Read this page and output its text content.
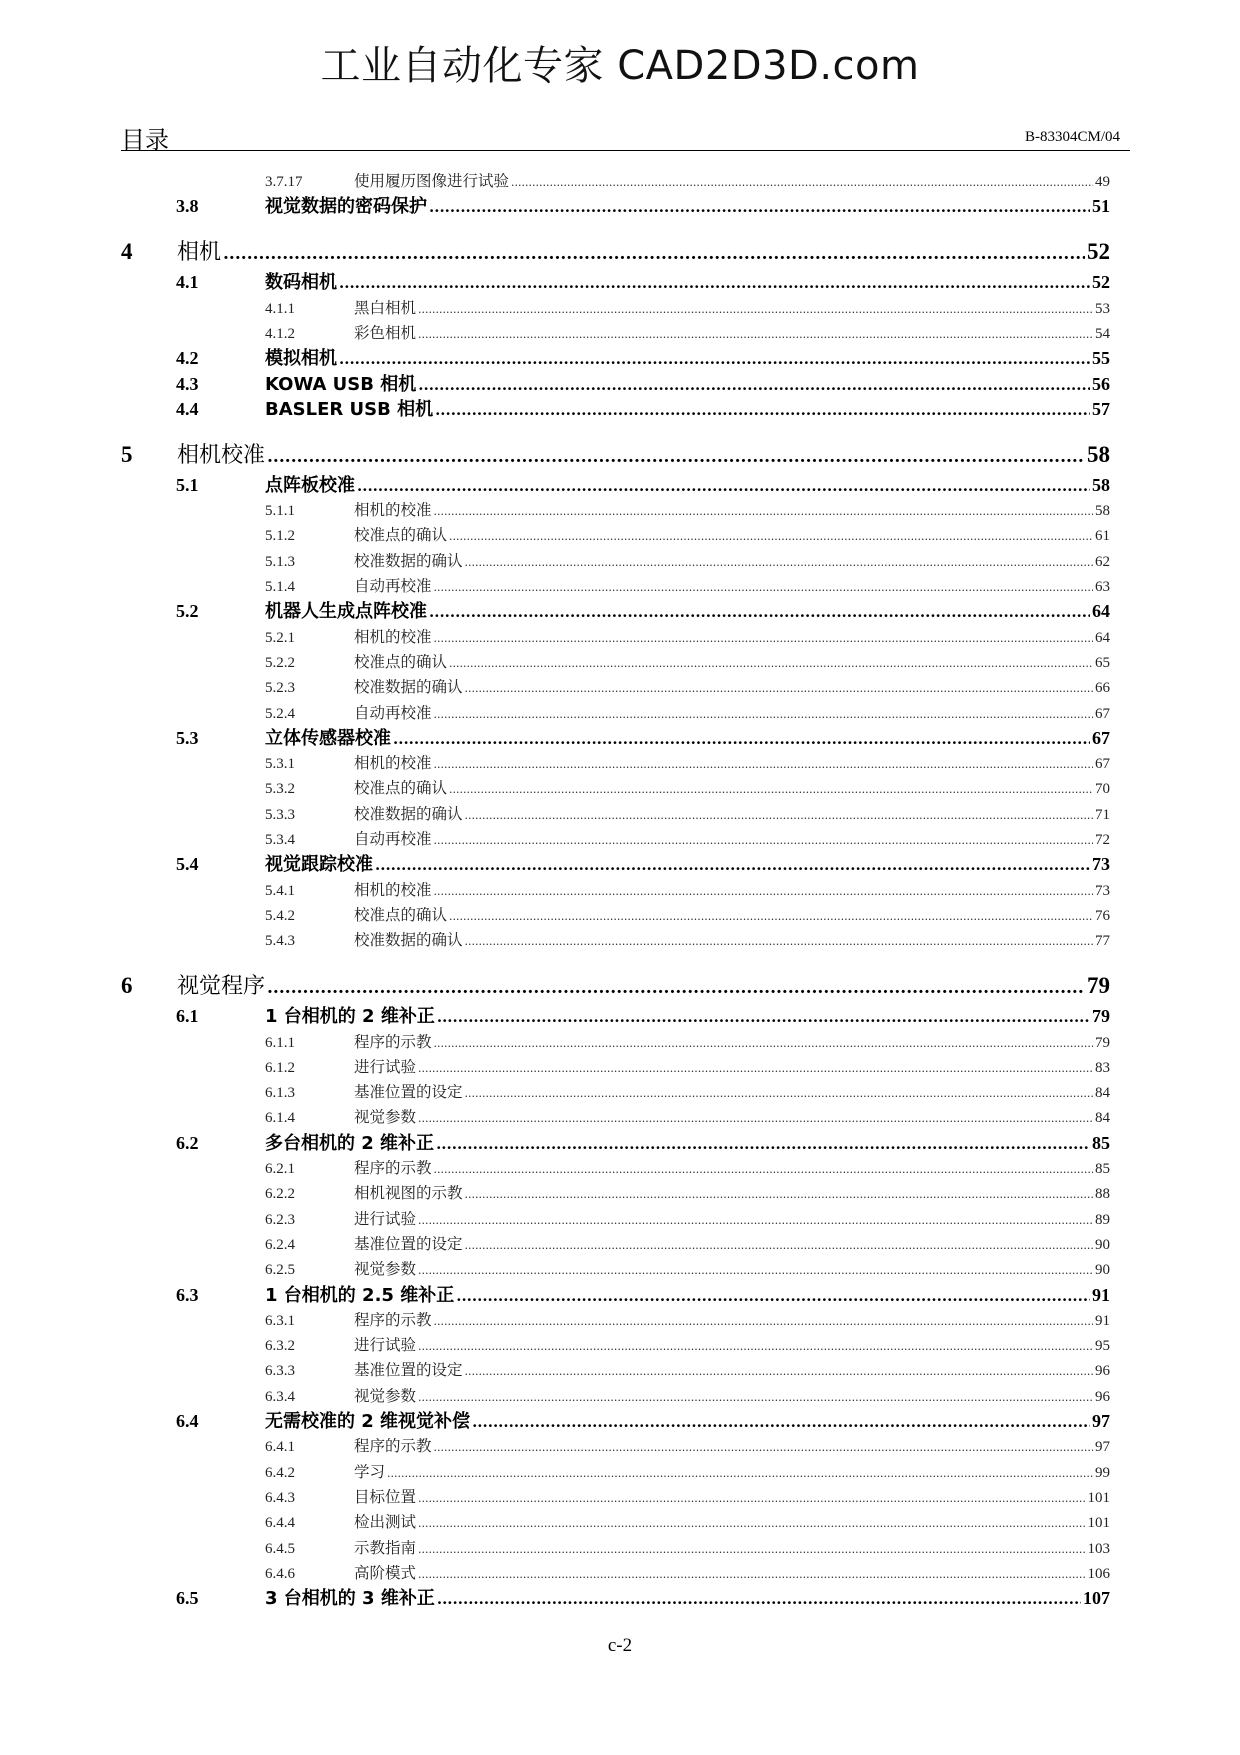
工业自动化专家 CAD2D3D.com
目录	B-83304CM/04
3.7.17	使用履历图像进行试验 .....	49
3.8	视觉数据的密码保护 .....	51
4	相机 .....	52
4.1	数码相机 .....	52
4.1.1	黑白相机 .....	53
4.1.2	彩色相机 .....	54
4.2	模拟相机 .....	55
4.3	KOWA USB 相机 .....	56
4.4	BASLER USB 相机 .....	57
5	相机校准 .....	58
5.1	点阵板校准 .....	58
5.1.1	相机的校准 .....	58
5.1.2	校准点的确认 .....	61
5.1.3	校准数据的确认 .....	62
5.1.4	自动再校准 .....	63
5.2	机器人生成点阵校准 .....	64
5.2.1	相机的校准 .....	64
5.2.2	校准点的确认 .....	65
5.2.3	校准数据的确认 .....	66
5.2.4	自动再校准 .....	67
5.3	立体传感器校准 .....	67
5.3.1	相机的校准 .....	67
5.3.2	校准点的确认 .....	70
5.3.3	校准数据的确认 .....	71
5.3.4	自动再校准 .....	72
5.4	视觉跟踪校准 .....	73
5.4.1	相机的校准 .....	73
5.4.2	校准点的确认 .....	76
5.4.3	校准数据的确认 .....	77
6	视觉程序 .....	79
6.1	1 台相机的 2 维补正 .....	79
6.1.1	程序的示教 .....	79
6.1.2	进行试验 .....	83
6.1.3	基准位置的设定 .....	84
6.1.4	视觉参数 .....	84
6.2	多台相机的 2 维补正 .....	85
6.2.1	程序的示教 .....	85
6.2.2	相机视图的示教 .....	88
6.2.3	进行试验 .....	89
6.2.4	基准位置的设定 .....	90
6.2.5	视觉参数 .....	90
6.3	1 台相机的 2.5 维补正 .....	91
6.3.1	程序的示教 .....	91
6.3.2	进行试验 .....	95
6.3.3	基准位置的设定 .....	96
6.3.4	视觉参数 .....	96
6.4	无需校准的 2 维视觉补偿 .....	97
6.4.1	程序的示教 .....	97
6.4.2	学习 .....	99
6.4.3	目标位置 .....	101
6.4.4	检出测试 .....	101
6.4.5	示教指南 .....	103
6.4.6	高阶模式 .....	106
6.5	3 台相机的 3 维补正 .....	107
c-2
